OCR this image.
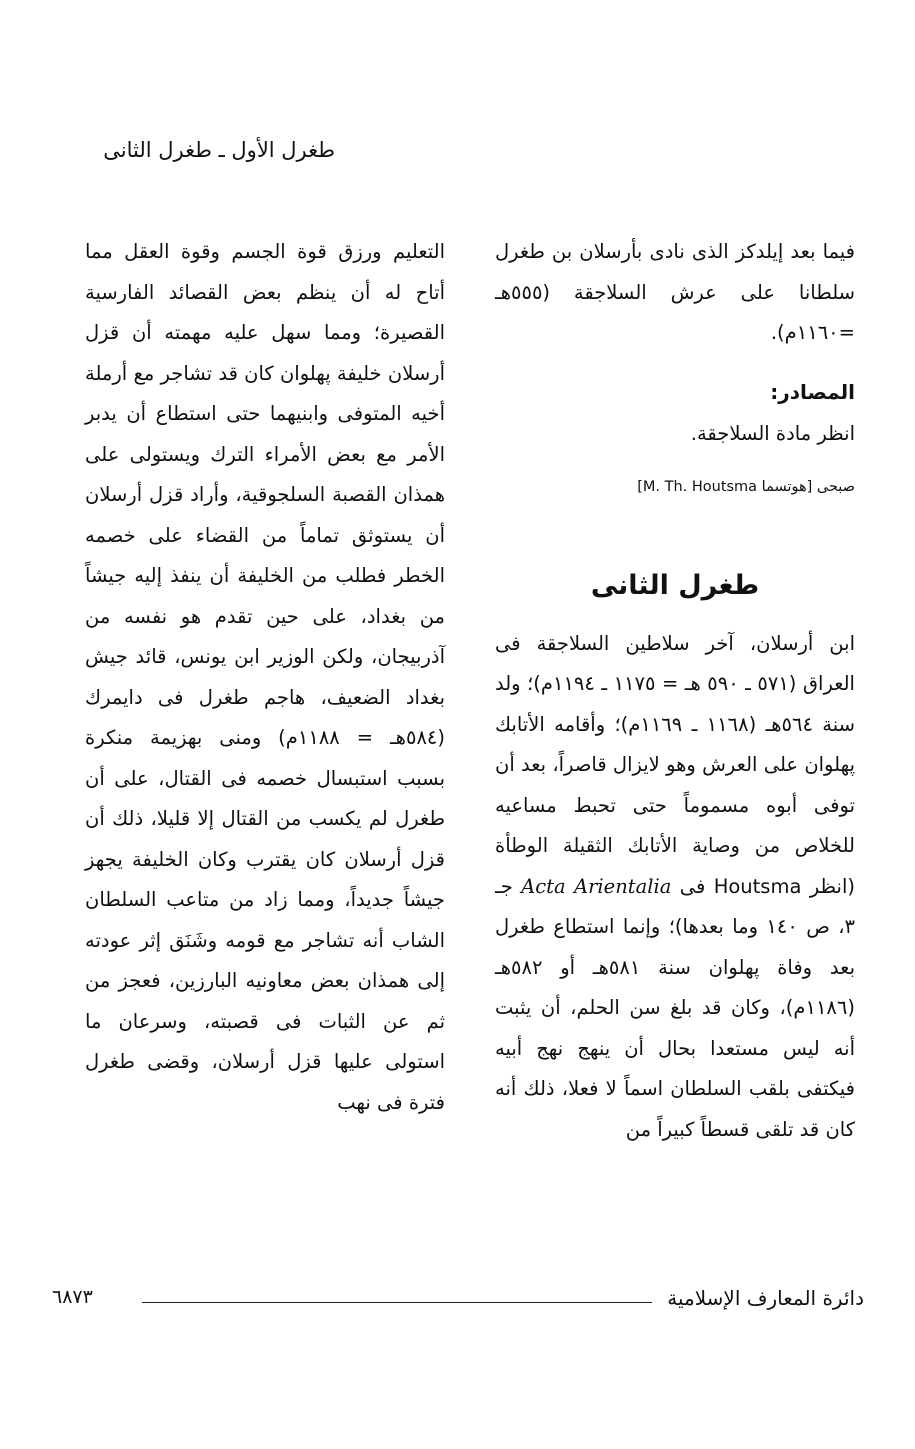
طغرل الأول ـ طغرل الثانى

فيما بعد إيلدكز الذى نادى بأرسلان بن طغرل سلطانا على عرش السلاجقة (٥٥٥هـ =١١٦٠م).

المصادر:

انظر مادة السلاجقة.

صبحى [هوتسما M. Th. Houtsma]
طغرل الثانى

ابن أرسلان، آخر سلاطين السلاجقة فى العراق (٥٧١ ـ ٥٩٠ هـ = ١١٧٥ ـ ١١٩٤م)؛ ولد سنة ٥٦٤هـ (١١٦٨ ـ ١١٦٩م)؛ وأقامه الأتابك پهلوان على العرش وهو لايزال قاصراً، بعد أن توفى أبوه مسموماً حتى تحبط مساعيه للخلاص من وصاية الأتابك الثقيلة الوطأة (انظر Houtsma فى Acta Arientalia جـ ٣، ص ١٤٠ وما بعدها)؛ وإنما استطاع طغرل بعد وفاة پهلوان سنة ٥٨١هـ أو ٥٨٢هـ (١١٨٦م)، وكان قد بلغ سن الحلم، أن يثبت أنه ليس مستعدا بحال أن ينهج نهج أبيه فيكتفى بلقب السلطان اسماً لا فعلا، ذلك أنه كان قد تلقى قسطاً كبيراً من

التعليم ورزق قوة الجسم وقوة العقل مما أتاح له أن ينظم بعض القصائد الفارسية القصيرة؛ ومما سهل عليه مهمته أن قزل أرسلان خليفة پهلوان كان قد تشاجر مع أرملة أخيه المتوفى وابنيهما حتى استطاع أن يدبر الأمر مع بعض الأمراء الترك ويستولى على همذان القصبة السلجوقية، وأراد قزل أرسلان أن يستوثق تماماً من القضاء على خصمه الخطر فطلب من الخليفة أن ينفذ إليه جيشاً من بغداد، على حين تقدم هو نفسه من آذربيجان، ولكن الوزير ابن يونس، قائد جيش بغداد الضعيف، هاجم طغرل فى دايمرك (٥٨٤هـ = ١١٨٨م) ومنى بهزيمة منكرة بسبب استبسال خصمه فى القتال، على أن طغرل لم يكسب من القتال إلا قليلا، ذلك أن قزل أرسلان كان يقترب وكان الخليفة يجهز جيشاً جديداً، ومما زاد من متاعب السلطان الشاب أنه تشاجر مع قومه وشَنَق إثر عودته إلى همذان بعض معاونيه البارزين، فعجز من ثم عن الثبات فى قصبته، وسرعان ما استولى عليها قزل أرسلان، وقضى طغرل فترة فى نهب

دائرة المعارف الإسلامية
٦٨٧٣
